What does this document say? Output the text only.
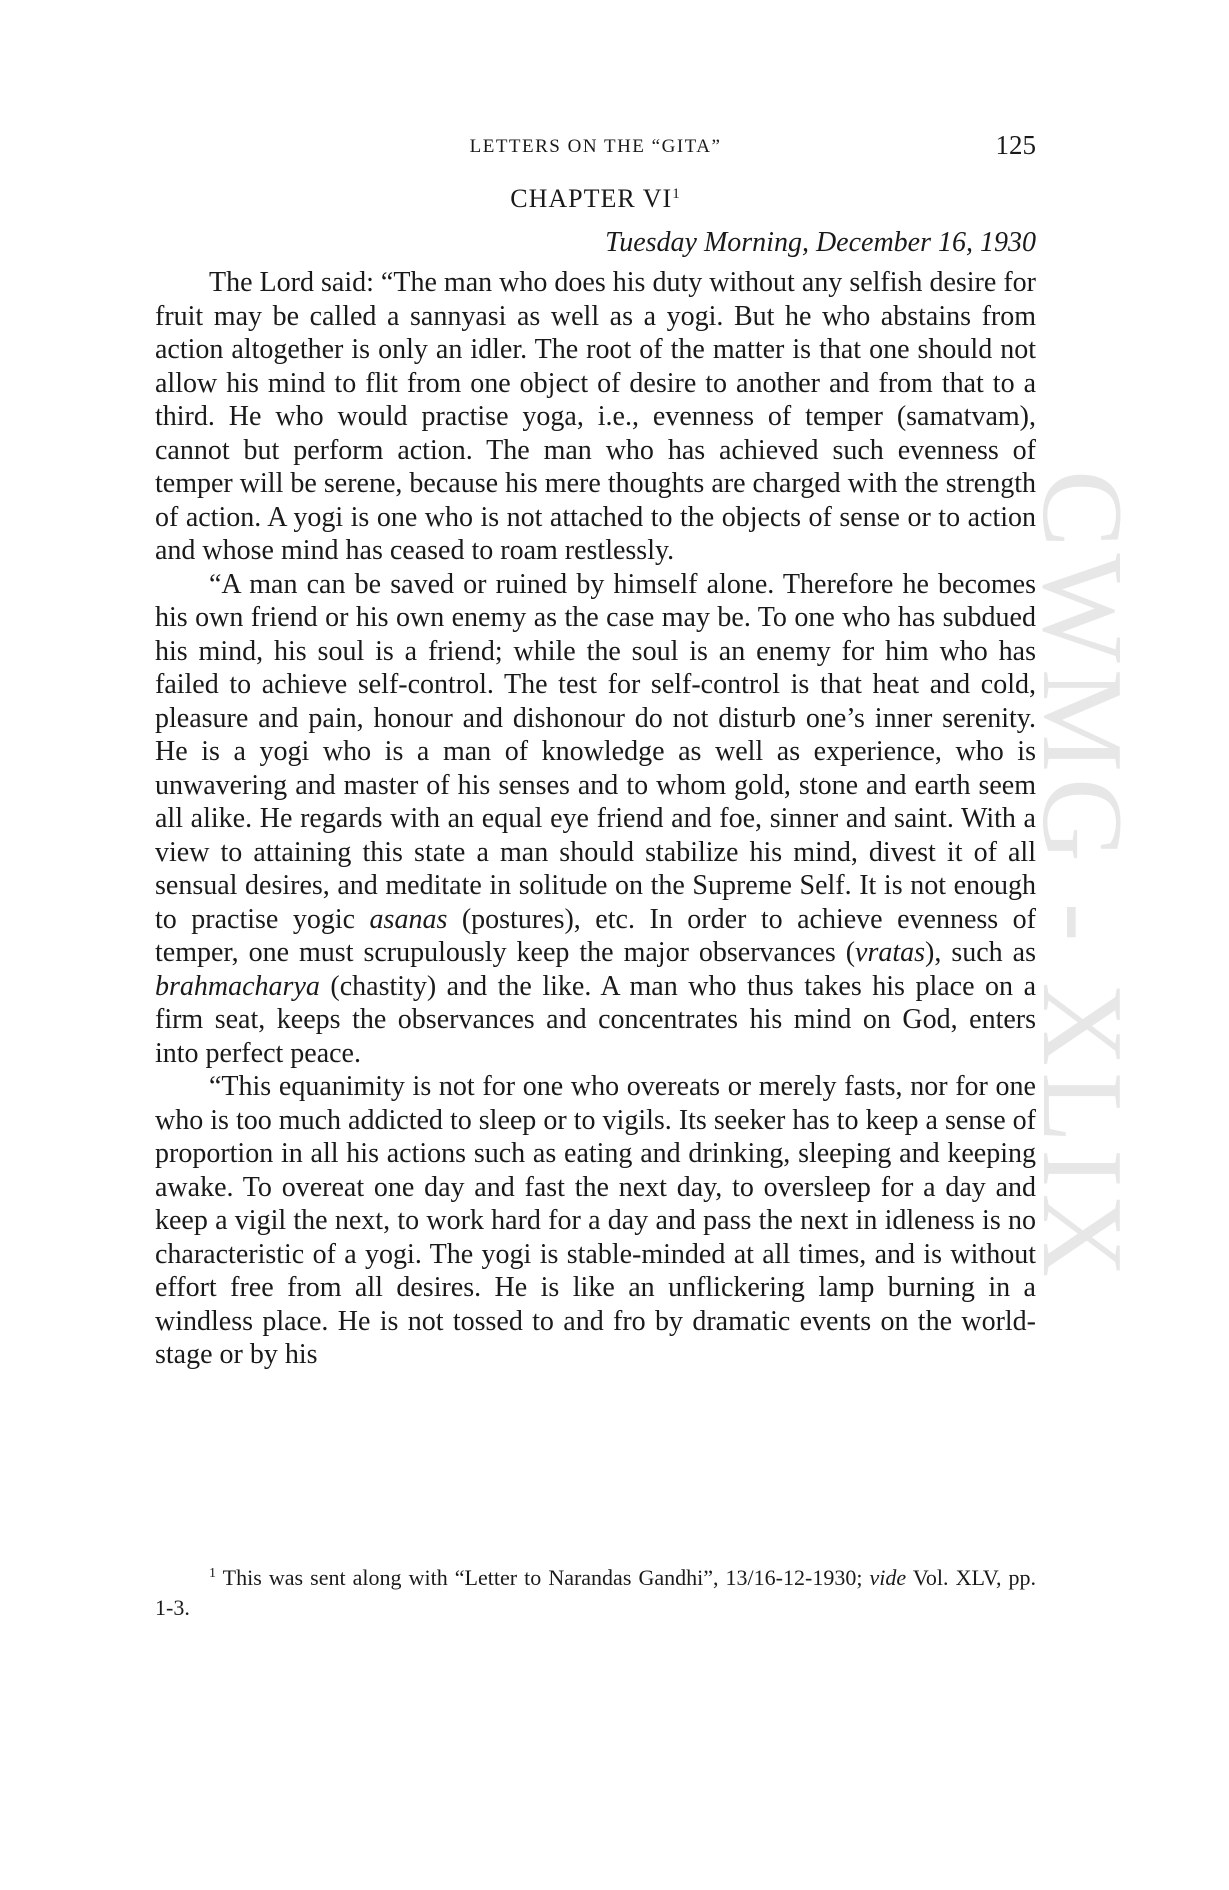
CWMG - XLIX
LETTERS ON THE “GITA”	125
CHAPTER $VI^1$
Tuesday Morning, December 16, 1930

The Lord said: “The man who does his duty without any selfish desire for fruit may be called a sannyasi as well as a yogi. But he who abstains from action altogether is only an idler. The root of the matter is that one should not allow his mind to flit from one object of desire to another and from that to a third. He who would practise yoga, i.e., evenness of temper (samatvam), cannot but perform action. The man who has achieved such evenness of temper will be serene, because his mere thoughts are charged with the strength of action. A yogi is one who is not attached to the objects of sense or to action and whose mind has ceased to roam restlessly.

“A man can be saved or ruined by himself alone. Therefore he becomes his own friend or his own enemy as the case may be. To one who has subdued his mind, his soul is a friend; while the soul is an enemy for him who has failed to achieve self-control. The test for self-control is that heat and cold, pleasure and pain, honour and dishonour do not disturb one’s inner serenity. He is a yogi who is a man of knowledge as well as experience, who is unwavering and master of his senses and to whom gold, stone and earth seem all alike. He regards with an equal eye friend and foe, sinner and saint. With a view to attaining this state a man should stabilize his mind, divest it of all sensual desires, and meditate in solitude on the Supreme Self. It is not enough to practise yogic asanas (postures), etc. In order to achieve evenness of temper, one must scrupulously keep the major observances (vratas), such as brahmacharya (chastity) and the like. A man who thus takes his place on a firm seat, keeps the observances and concentrates his mind on God, enters into perfect peace.

“This equanimity is not for one who overeats or merely fasts, nor for one who is too much addicted to sleep or to vigils. Its seeker has to keep a sense of proportion in all his actions such as eating and drinking, sleeping and keeping awake. To overeat one day and fast the next day, to oversleep for a day and keep a vigil the next, to work hard for a day and pass the next in idleness is no characteristic of a yogi. The yogi is stable-minded at all times, and is without effort free from all desires. He is like an unflickering lamp burning in a windless place. He is not tossed to and fro by dramatic events on the world-stage or by his

$^1$ This was sent along with “Letter to Narandas Gandhi”, 13/16-12-1930; vide Vol. XLV, pp. 1-3.
